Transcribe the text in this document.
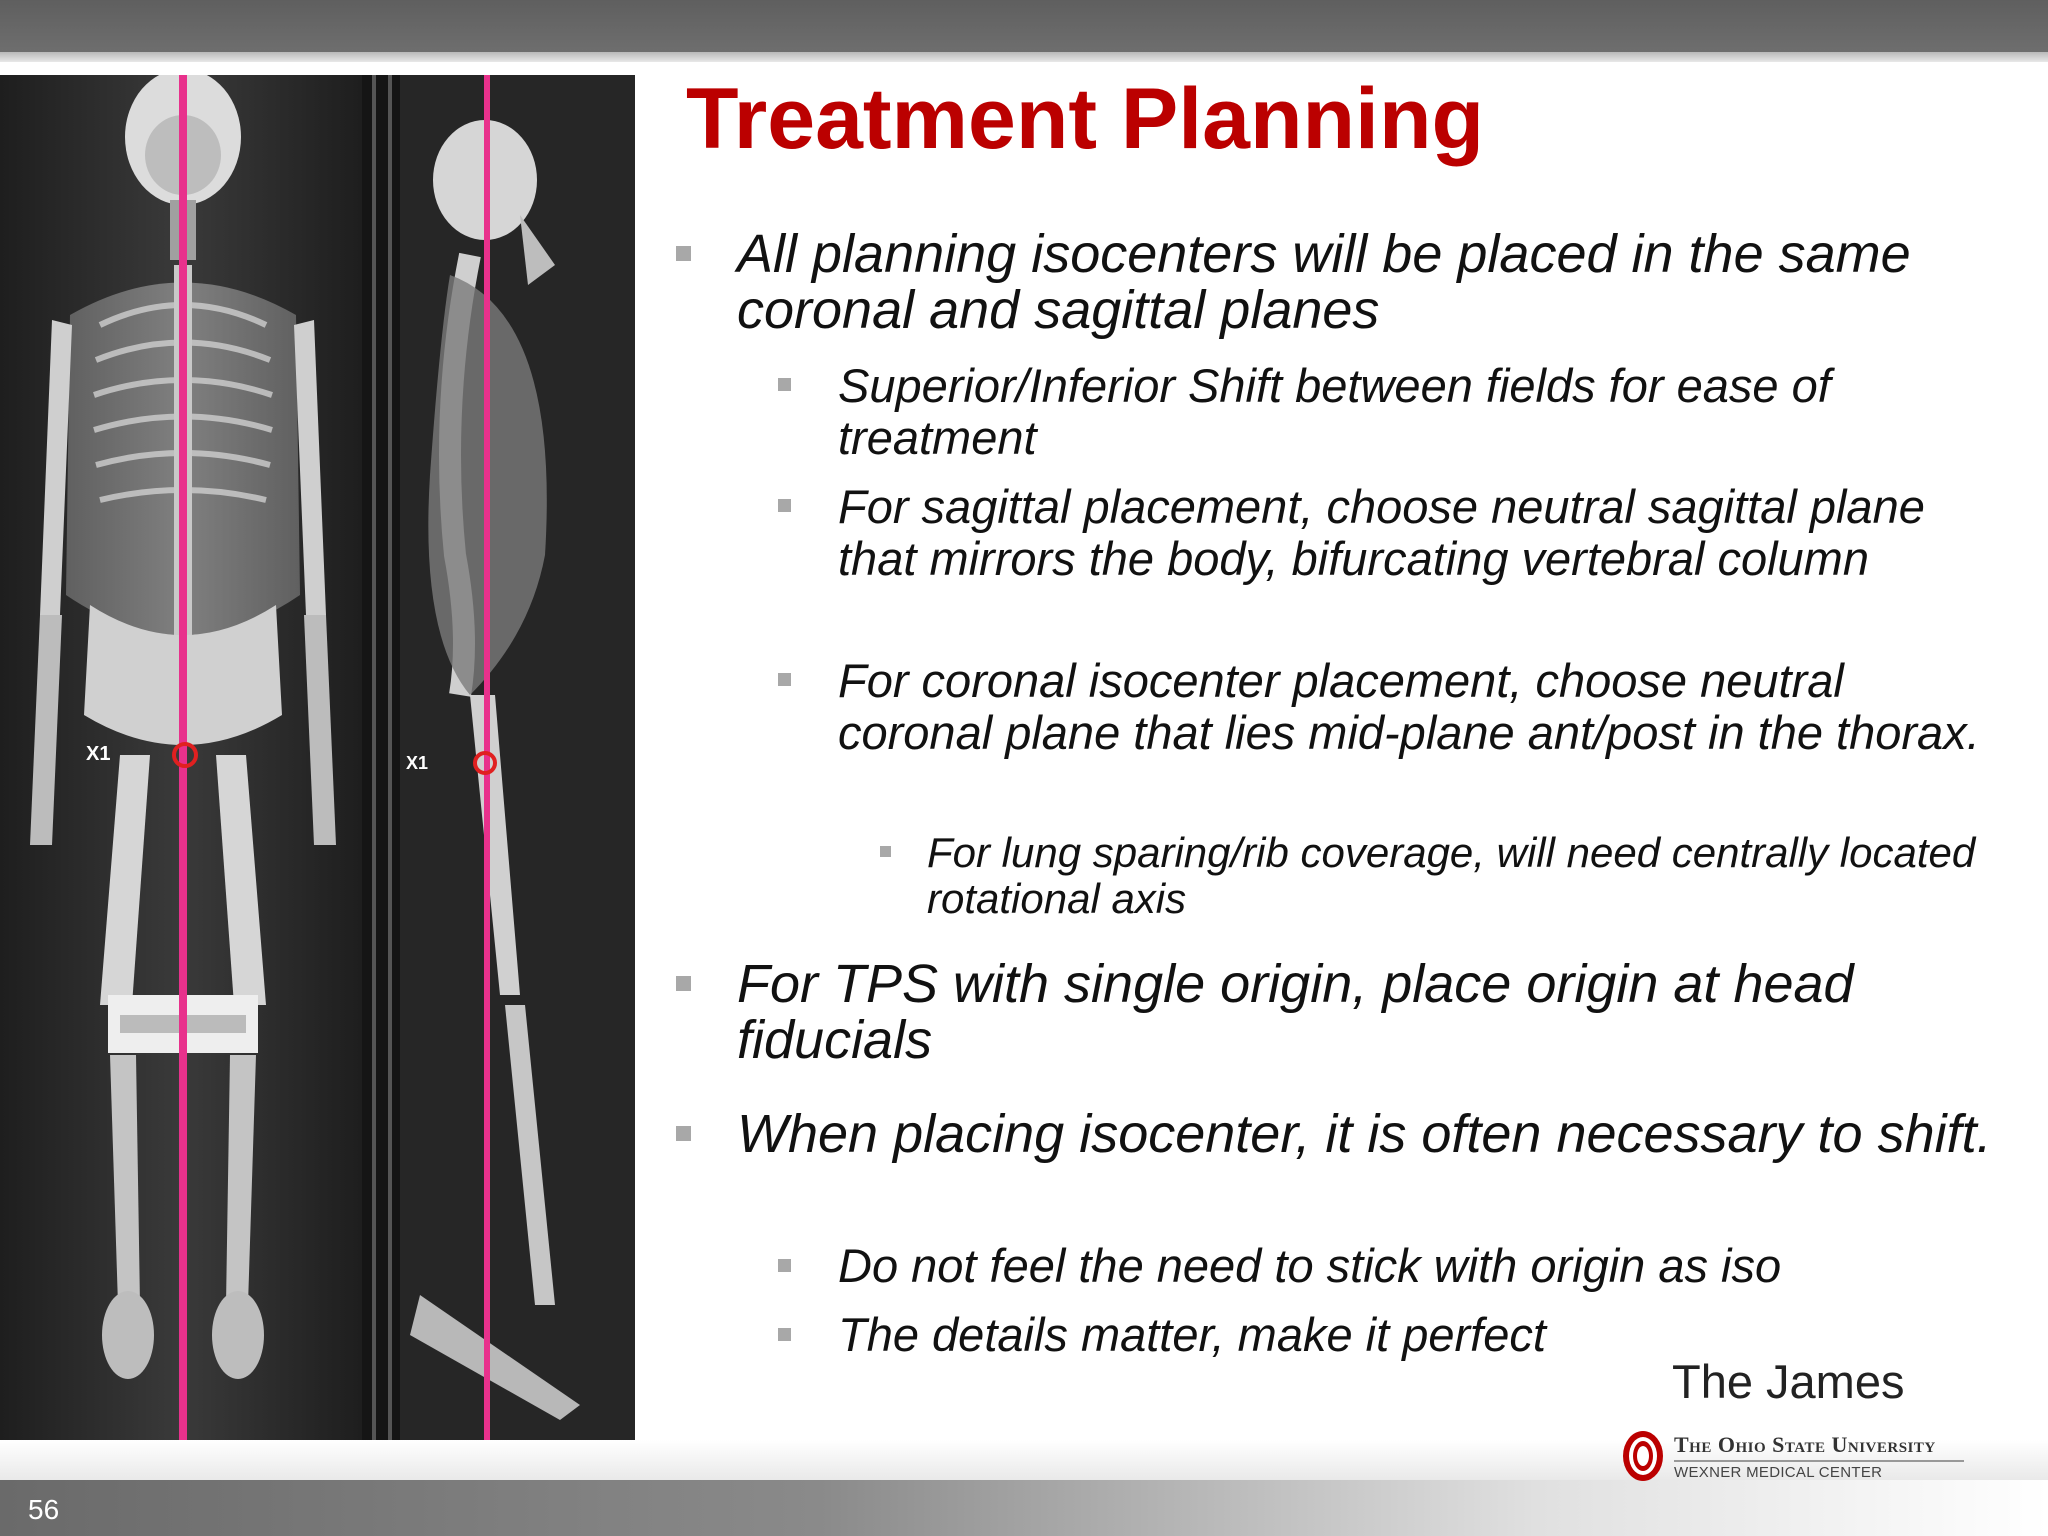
X1	X1
Treatment Planning
All planning isocenters will be placed in the same coronal and sagittal planes
Superior/Inferior Shift between fields for ease of treatment
For sagittal placement, choose neutral sagittal plane that mirrors the body, bifurcating vertebral column
For coronal isocenter placement, choose neutral coronal plane that lies mid-plane ant/post in the thorax.
For lung sparing/rib coverage, will need centrally located rotational axis
For TPS with single origin, place origin at head fiducials
When placing isocenter, it is often necessary to shift.
Do not feel the need to stick with origin as iso
The details matter, make it perfect
56
The James
The Ohio State University
WEXNER MEDICAL CENTER
